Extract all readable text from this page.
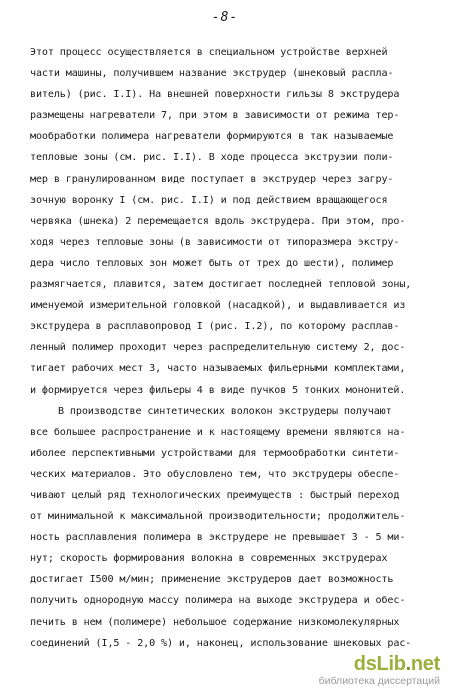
-8-
Этот процесс осуществляется в специальном устройстве верхней
части машины, получившем название экструдер (шнековый расплa-
витель) (рис. I.I). На внешней поверхности гильзы 8 экструдера
размещены нагреватели 7, при этом в зависимости от режима тер-
мообработки полимера нагреватели формируются в так называемые
тепловые зоны (см. рис. I.I). В ходе процесса экструзии поли-
мер в гранулированном виде поступает в экструдер через загру-
зочную воронку I (см. рис. I.I) и под действием вращающегося
червяка (шнека) 2 перемещается вдоль экструдера. При этом, про-
ходя через тепловые зоны (в зависимости от типоразмера экстру-
дера число тепловых зон может быть от трех до шести), полимер
размягчается, плавится, затем достигает последней тепловой зоны,
именуемой измерительной головкой (насадкой), и выдавливается из
экструдера в расплавопровод I (рис. I.2), по которому расплав-
ленный полимер проходит через распределительную систему 2, дос-
тигает рабочих мест 3, часто называемых фильерными комплектами,
и формируется через фильеры 4 в виде пучков 5 тонких мононитей.
В производстве синтетических волокон экструдеры получают
все большее распространение и к настоящему времени являются на-
иболее перспективными устройствами для термообработки синтети-
ческих материалов. Это обусловлено тем, что экструдеры обеспе-
чивают целый ряд технологических преимуществ : быстрый переход
от минимальной к максимальной производительности; продолжитель-
ность расплавления полимера в экструдере не превышает 3 - 5 ми-
нут; скорость формирования волокна в современных экструдерах
достигает I500 м/мин; применение экструдеров дает возможность
получить однородную массу полимера на выходе экструдера и обес-
печить в нем (полимере) небольшое содержание низкомолекулярных
соединений (I,5 - 2,0 %) и, наконец, использование шнековых рас-
dsLib.net
библиотека диссертаций
